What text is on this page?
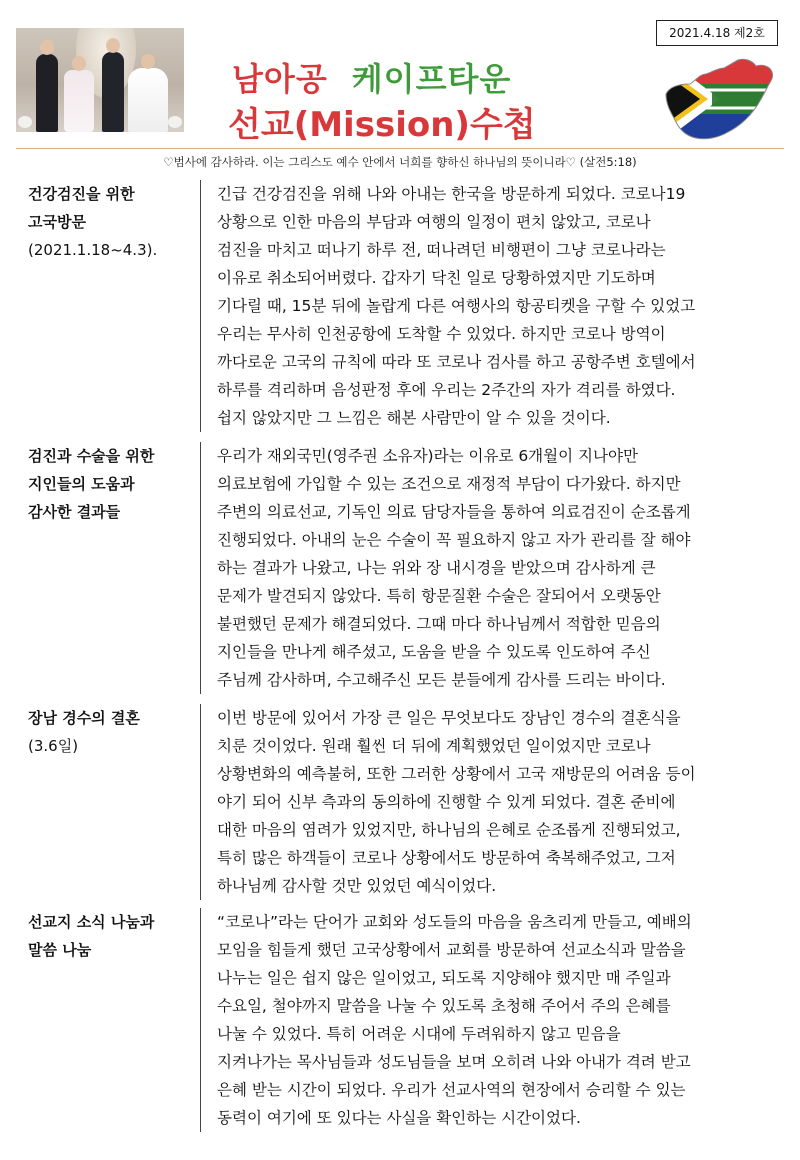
2021.4.18 제2호
남아공 케이프타운
선교(Mission)수첩
♡범사에 감사하라. 이는 그리스도 예수 안에서 너희를 향하신 하나님의 뜻이니라♡ (살전5:18)
건강검진을 위한
고국방문
(2021.1.18~4.3).
긴급 건강검진을 위해 나와 아내는 한국을 방문하게 되었다. 코로나19
상황으로 인한 마음의 부담과 여행의 일정이 편치 않았고, 코로나
검진을 마치고 떠나기 하루 전, 떠나려던 비행편이 그냥 코로나라는
이유로 취소되어버렸다. 갑자기 닥친 일로 당황하였지만 기도하며
기다릴 때, 15분 뒤에 놀랍게 다른 여행사의 항공티켓을 구할 수 있었고
우리는 무사히 인천공항에 도착할 수 있었다. 하지만 코로나 방역이
까다로운 고국의 규칙에 따라 또 코로나 검사를 하고 공항주변 호텔에서
하루를 격리하며 음성판정 후에 우리는 2주간의 자가 격리를 하였다.
쉽지 않았지만 그 느낌은 해본 사람만이 알 수 있을 것이다.
검진과 수술을 위한
지인들의 도움과
감사한 결과들
우리가 재외국민(영주권 소유자)라는 이유로 6개월이 지나야만
의료보험에 가입할 수 있는 조건으로 재정적 부담이 다가왔다. 하지만
주변의 의료선교, 기독인 의료 담당자들을 통하여 의료검진이 순조롭게
진행되었다. 아내의 눈은 수술이 꼭 필요하지 않고 자가 관리를 잘 해야
하는 결과가 나왔고, 나는 위와 장 내시경을 받았으며 감사하게 큰
문제가 발견되지 않았다. 특히 항문질환 수술은 잘되어서 오랫동안
불편했던 문제가 해결되었다. 그때 마다 하나님께서 적합한 믿음의
지인들을 만나게 해주셨고, 도움을 받을 수 있도록 인도하여 주신
주님께 감사하며, 수고해주신 모든 분들에게 감사를 드리는 바이다.
장남 경수의 결혼
(3.6일)
이번 방문에 있어서 가장 큰 일은 무엇보다도 장남인 경수의 결혼식을
치룬 것이었다. 원래 훨씬 더 뒤에 계획했었던 일이었지만 코로나
상황변화의 예측불허, 또한 그러한 상황에서 고국 재방문의 어려움 등이
야기 되어 신부 측과의 동의하에 진행할 수 있게 되었다. 결혼 준비에
대한 마음의 염려가 있었지만, 하나님의 은혜로 순조롭게 진행되었고,
특히 많은 하객들이 코로나 상황에서도 방문하여 축복해주었고, 그저
하나님께 감사할 것만 있었던 예식이었다.
선교지 소식 나눔과
말씀 나눔
“코로나”라는 단어가 교회와 성도들의 마음을 움츠리게 만들고, 예배의
모임을 힘들게 했던 고국상황에서 교회를 방문하여 선교소식과 말씀을
나누는 일은 쉽지 않은 일이었고, 되도록 지양해야 했지만 매 주일과
수요일, 철야까지 말씀을 나눌 수 있도록 초청해 주어서 주의 은혜를
나눌 수 있었다. 특히 어려운 시대에 두려워하지 않고 믿음을
지켜나가는 목사님들과 성도님들을 보며 오히려 나와 아내가 격려 받고
은혜 받는 시간이 되었다. 우리가 선교사역의 현장에서 승리할 수 있는
동력이 여기에 또 있다는 사실을 확인하는 시간이었다.
